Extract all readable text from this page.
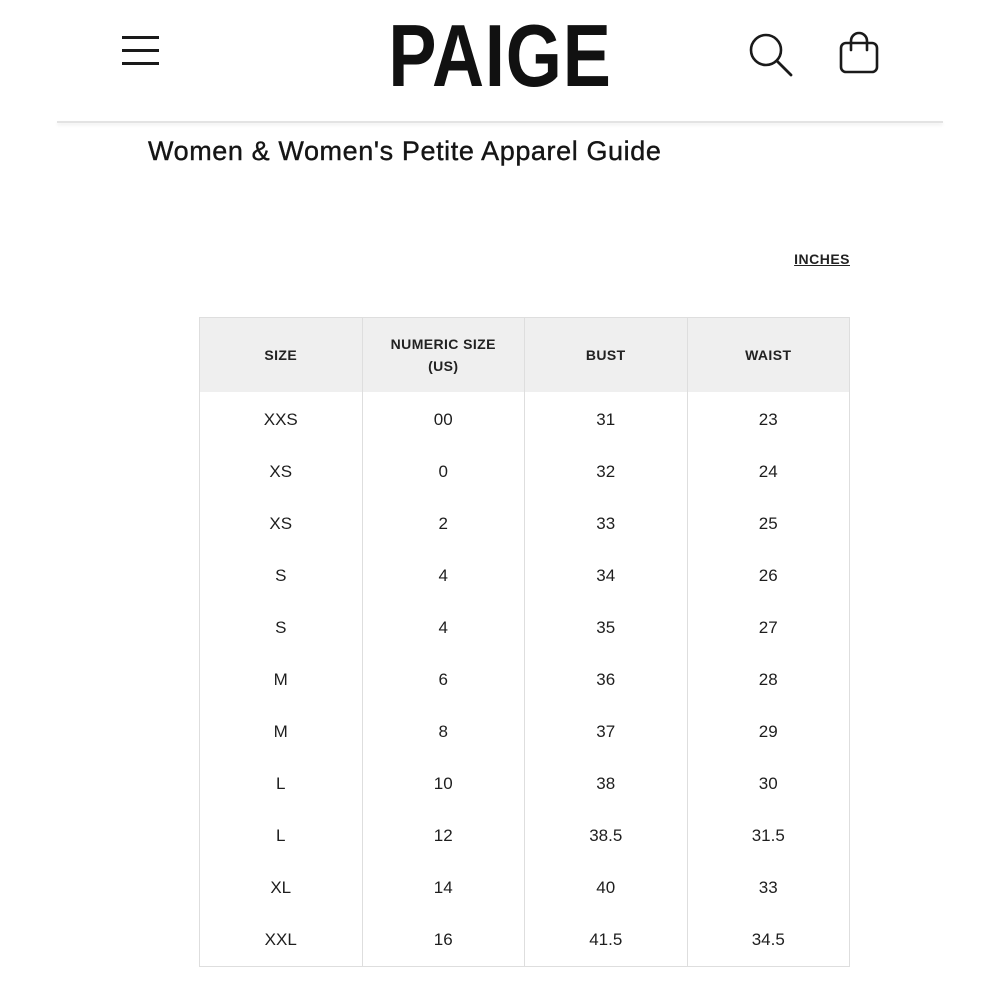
PAIGE
Women & Women's Petite Apparel Guide
INCHES
SIZE	NUMERIC SIZE (US)	BUST	WAIST
XXS	00	31	23
XS	0	32	24
XS	2	33	25
S	4	34	26
S	4	35	27
M	6	36	28
M	8	37	29
L	10	38	30
L	12	38.5	31.5
XL	14	40	33
XXL	16	41.5	34.5
